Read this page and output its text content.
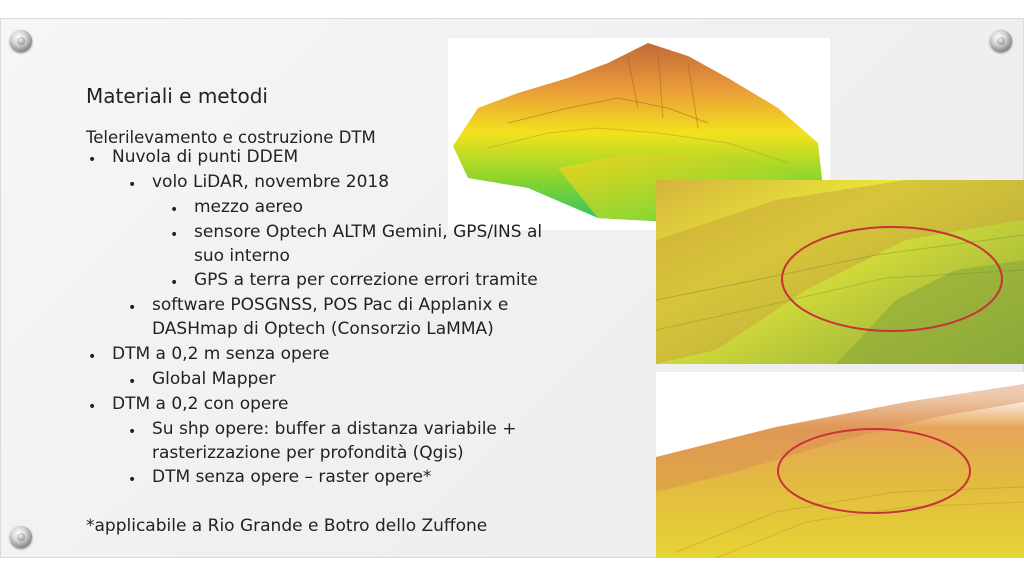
Materiali e metodi
Telerilevamento e costruzione DTM
• Nuvola di punti DDEM
• volo LiDAR, novembre 2018
• mezzo aereo
• sensore Optech ALTM Gemini, GPS/INS al
suo interno
• GPS a terra per correzione errori tramite
• software POSGNSS, POS Pac di Applanix e
DASHmap di Optech (Consorzio LaMMA)
• DTM a 0,2 m senza opere
• Global Mapper
• DTM a 0,2 con opere
• Su shp opere: buffer a distanza variabile +
rasterizzazione per profondità (Qgis)
• DTM senza opere – raster opere*
*applicabile a Rio Grande e Botro dello Zuffone
